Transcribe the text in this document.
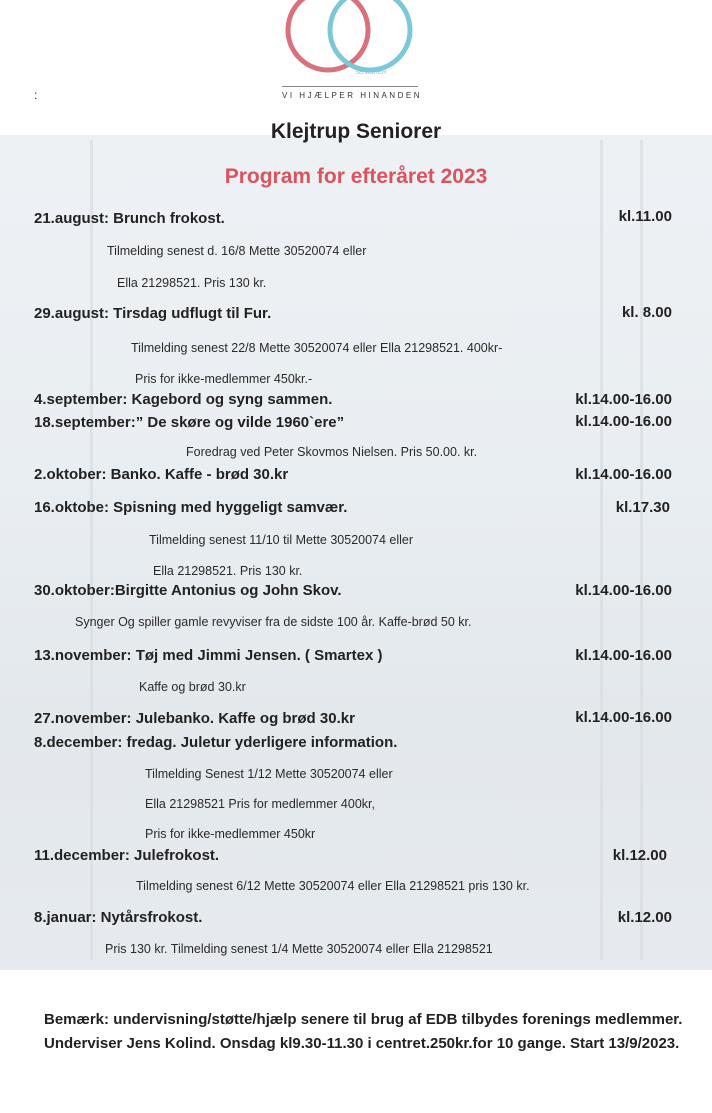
SENIORER
VI HJÆLPER HINANDEN
:
Klejtrup Seniorer
Program for efteråret 2023
21.august: Brunch frokost.	kl.11.00
Tilmelding senest d. 16/8 Mette 30520074 eller
Ella 21298521. Pris 130 kr.
29.august: Tirsdag udflugt til Fur.	kl. 8.00
Tilmelding senest 22/8 Mette 30520074 eller Ella 21298521. 400kr-
Pris for ikke-medlemmer 450kr.-
4.september: Kagebord og syng sammen.	kl.14.00-16.00
18.september:” De skøre og vilde 1960`ere”	kl.14.00-16.00
Foredrag ved Peter Skovmos Nielsen. Pris 50.00. kr.
2.oktober: Banko. Kaffe - brød 30.kr	kl.14.00-16.00
16.oktobe: Spisning med hyggeligt samvær.	kl.17.30
Tilmelding senest 11/10 til Mette 30520074 eller
Ella 21298521. Pris 130 kr.
30.oktober:Birgitte Antonius og John Skov.	kl.14.00-16.00
Synger Og spiller gamle revyviser fra de sidste 100 år. Kaffe-brød 50 kr.
13.november: Tøj med Jimmi Jensen. ( Smartex )	kl.14.00-16.00
Kaffe og brød 30.kr
27.november: Julebanko. Kaffe og brød 30.kr	kl.14.00-16.00
8.december: fredag. Juletur yderligere information.
Tilmelding Senest 1/12 Mette 30520074 eller
Ella 21298521 Pris for medlemmer 400kr,
Pris for ikke-medlemmer 450kr
11.december: Julefrokost.	kl.12.00
Tilmelding senest 6/12 Mette 30520074 eller Ella 21298521 pris 130 kr.
8.januar: Nytårsfrokost.	kl.12.00
Pris 130 kr. Tilmelding senest 1/4 Mette 30520074 eller Ella 21298521
Bemærk: undervisning/støtte/hjælp senere til brug af EDB tilbydes forenings medlemmer. Underviser Jens Kolind. Onsdag kl9.30-11.30 i centret.250kr.for 10 gange. Start 13/9/2023.
